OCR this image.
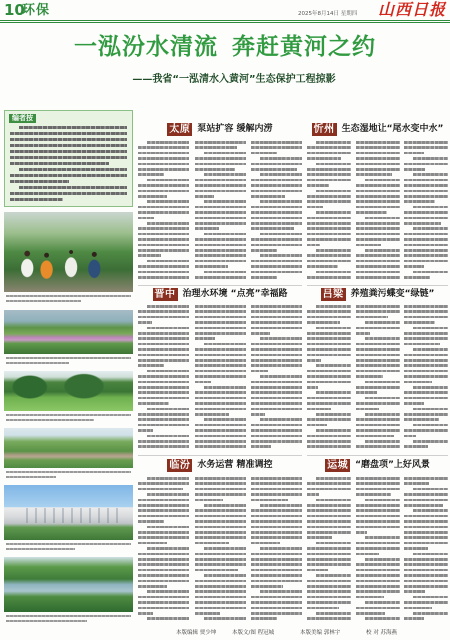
10
环保	2025年8月14日 星期四	山西日报
一泓汾水清流 奔赶黄河之约
——我省“一泓清水入黄河”生态保护工程掠影
编者按
太原 泵站扩容 缓解内涝	忻州 生态湿地让“尾水变中水”
晋中 治理水环境 “点亮”幸福路	吕梁 养殖粪污蝶变“绿链”
临汾 水务运营 精准调控	运城 “磨盘项”上好风景
本版编辑 贾少坤	本版文/图 程冠城	本版美编 郭林宇	校 对 苏海燕
